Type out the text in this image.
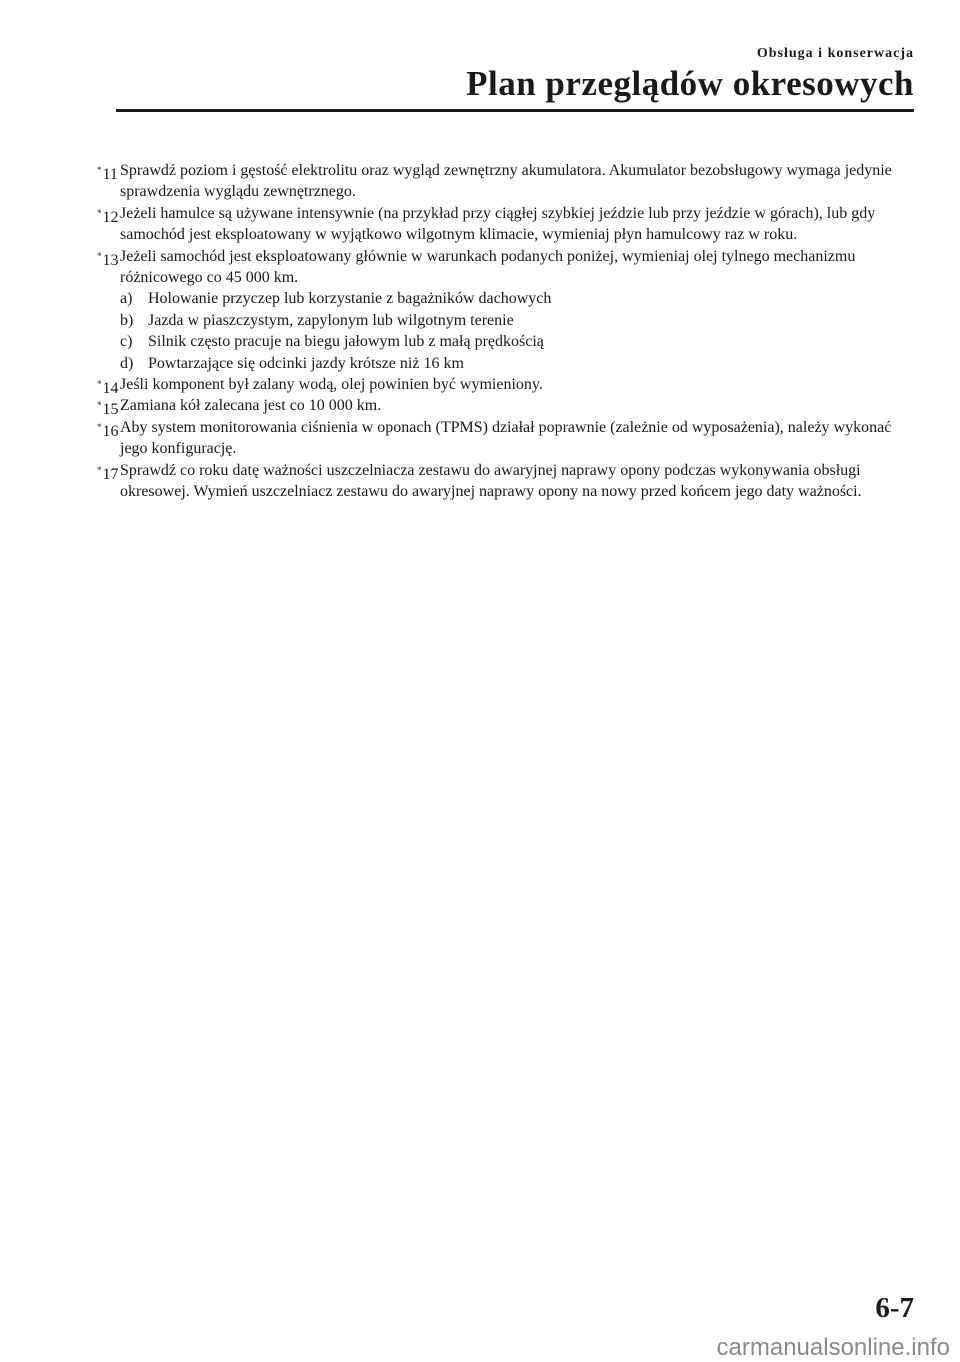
Obsługa i konserwacja
Plan przeglądów okresowych
*11 Sprawdź poziom i gęstość elektrolitu oraz wygląd zewnętrzny akumulatora. Akumulator bezobsługowy wymaga jedynie sprawdzenia wyglądu zewnętrznego.
*12 Jeżeli hamulce są używane intensywnie (na przykład przy ciągłej szybkiej jeździe lub przy jeździe w górach), lub gdy samochód jest eksploatowany w wyjątkowo wilgotnym klimacie, wymieniaj płyn hamulcowy raz w roku.
*13 Jeżeli samochód jest eksploatowany głównie w warunkach podanych poniżej, wymieniaj olej tylnego mechanizmu różnicowego co 45 000 km.
a) Holowanie przyczep lub korzystanie z bagażników dachowych
b) Jazda w piaszczystym, zapylonym lub wilgotnym terenie
c) Silnik często pracuje na biegu jałowym lub z małą prędkością
d) Powtarzające się odcinki jazdy krótsze niż 16 km
*14 Jeśli komponent był zalany wodą, olej powinien być wymieniony.
*15 Zamiana kół zalecana jest co 10 000 km.
*16 Aby system monitorowania ciśnienia w oponach (TPMS) działał poprawnie (zależnie od wyposażenia), należy wykonać jego konfigurację.
*17 Sprawdź co roku datę ważności uszczelniacza zestawu do awaryjnej naprawy opony podczas wykonywania obsługi okresowej. Wymień uszczelniacz zestawu do awaryjnej naprawy opony na nowy przed końcem jego daty ważności.
6-7
carmanualsonline.info
